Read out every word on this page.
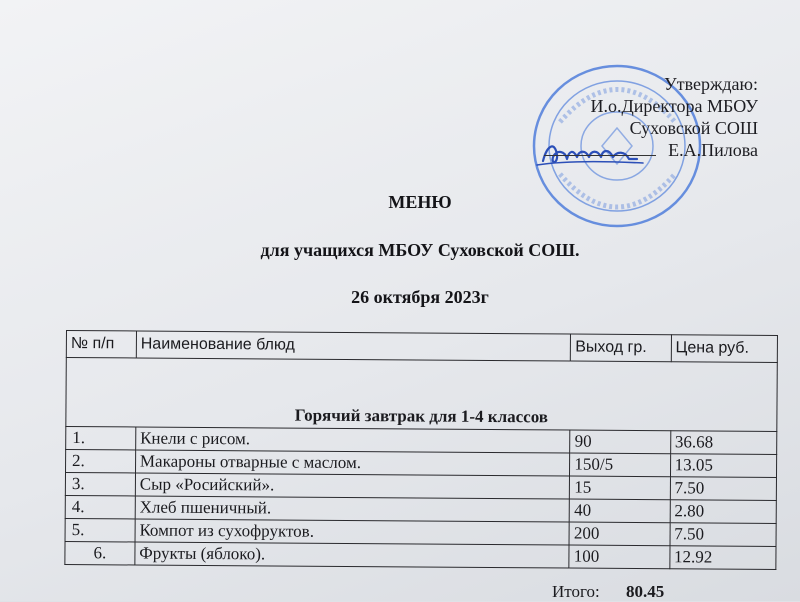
Утверждаю:
И.о.Директора МБОУ
Суховской СОШ
Е.А.Пилова
МЕНЮ
для учащихся МБОУ Суховской СОШ.
26 октября 2023г
№ п/п	Наименование блюд	Выход гр.	Цена руб.
Горячий завтрак для 1-4 классов			
1.	Кнели с рисом.	90	36.68
2.	Макароны отварные с маслом.	150/5	13.05
3.	Сыр «Росийский».	15	7.50
4.	Хлеб пшеничный.	40	2.80
5.	Компот из сухофруктов.	200	7.50
6.	Фрукты (яблоко).	100	12.92
Итого: 80.45
